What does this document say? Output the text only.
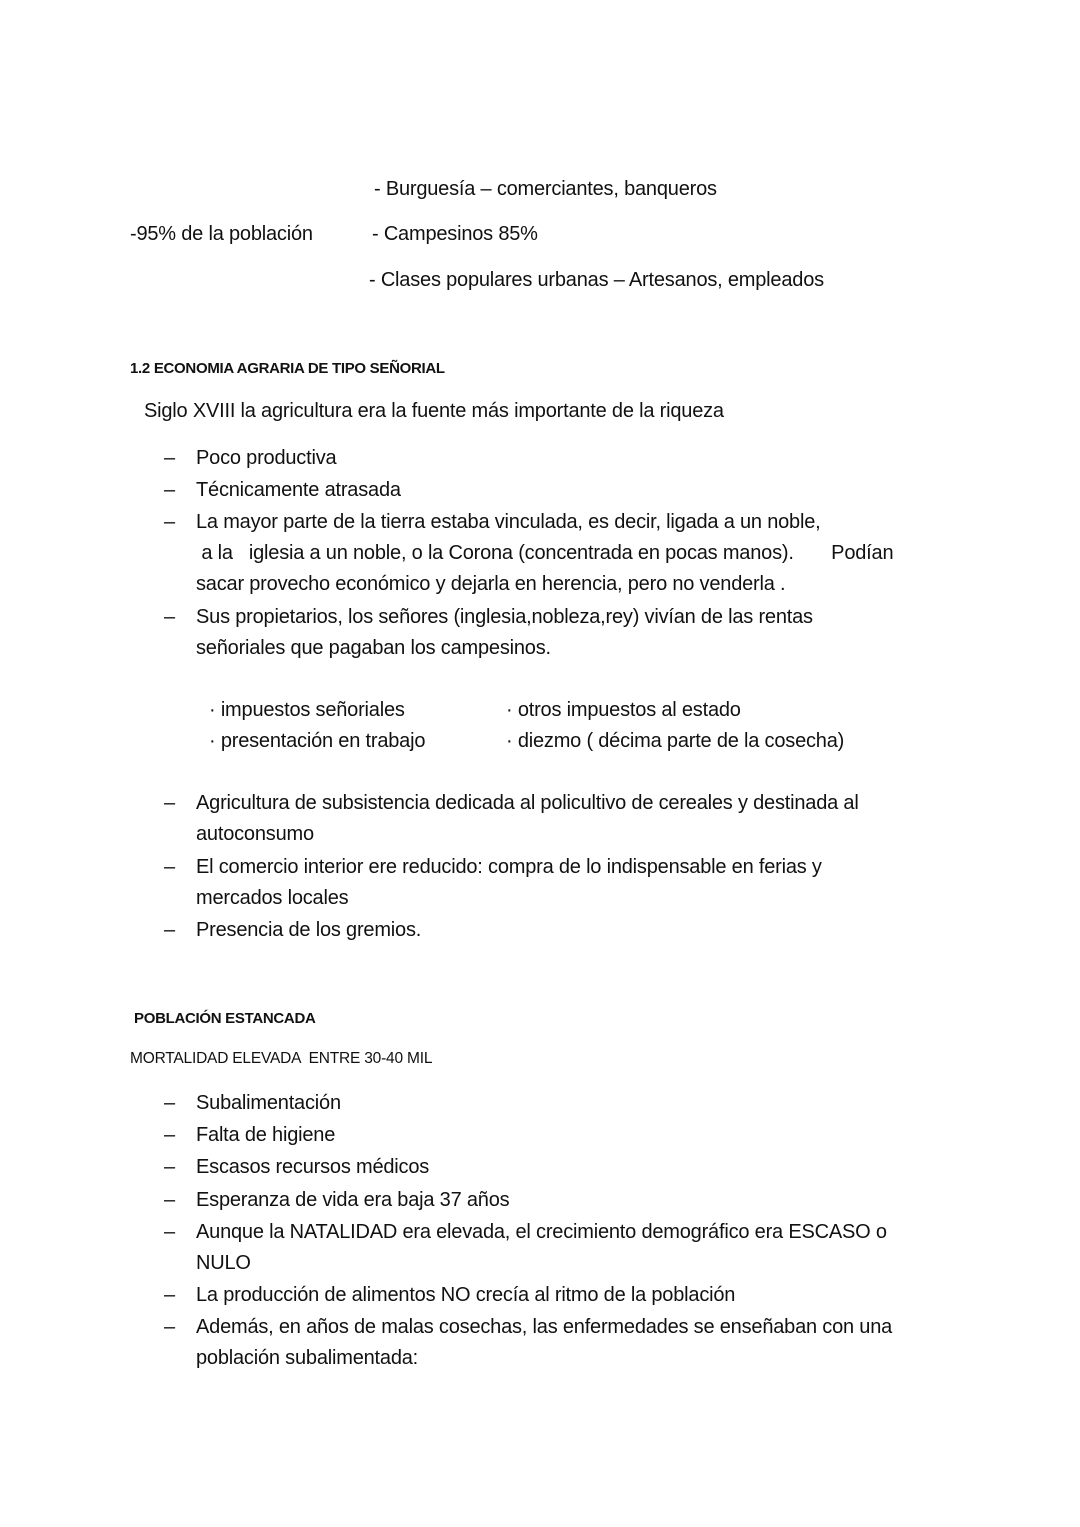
- Burguesía – comerciantes, banqueros
-95% de la población	- Campesinos 85%
- Clases populares urbanas – Artesanos, empleados
1.2 ECONOMIA AGRARIA DE TIPO SEÑORIAL
Siglo XVIII la agricultura era la fuente más importante de la riqueza
– Poco productiva
– Técnicamente atrasada
– La mayor parte de la tierra estaba vinculada, es decir, ligada a un noble,
a la   iglesia a un noble, o la Corona (concentrada en pocas manos).       Podían
sacar provecho económico y dejarla en herencia, pero no venderla .
– Sus propietarios, los señores (inglesia,nobleza,rey) vivían de las rentas
señoriales que pagaban los campesinos.
· impuestos señoriales
· presentación en trabajo
· otros impuestos al estado
· diezmo ( décima parte de la cosecha)
– Agricultura de subsistencia dedicada al policultivo de cereales y destinada al
autoconsumo
– El comercio interior ere reducido: compra de lo indispensable en ferias y
mercados locales
– Presencia de los gremios.
POBLACIÓN ESTANCADA
MORTALIDAD ELEVADA  ENTRE 30-40 MIL
– Subalimentación
– Falta de higiene
– Escasos recursos médicos
– Esperanza de vida era baja 37 años
– Aunque la NATALIDAD era elevada, el crecimiento demográfico era ESCASO o
NULO
– La producción de alimentos NO crecía al ritmo de la población
– Además, en años de malas cosechas, las enfermedades se enseñaban con una
población subalimentada:
